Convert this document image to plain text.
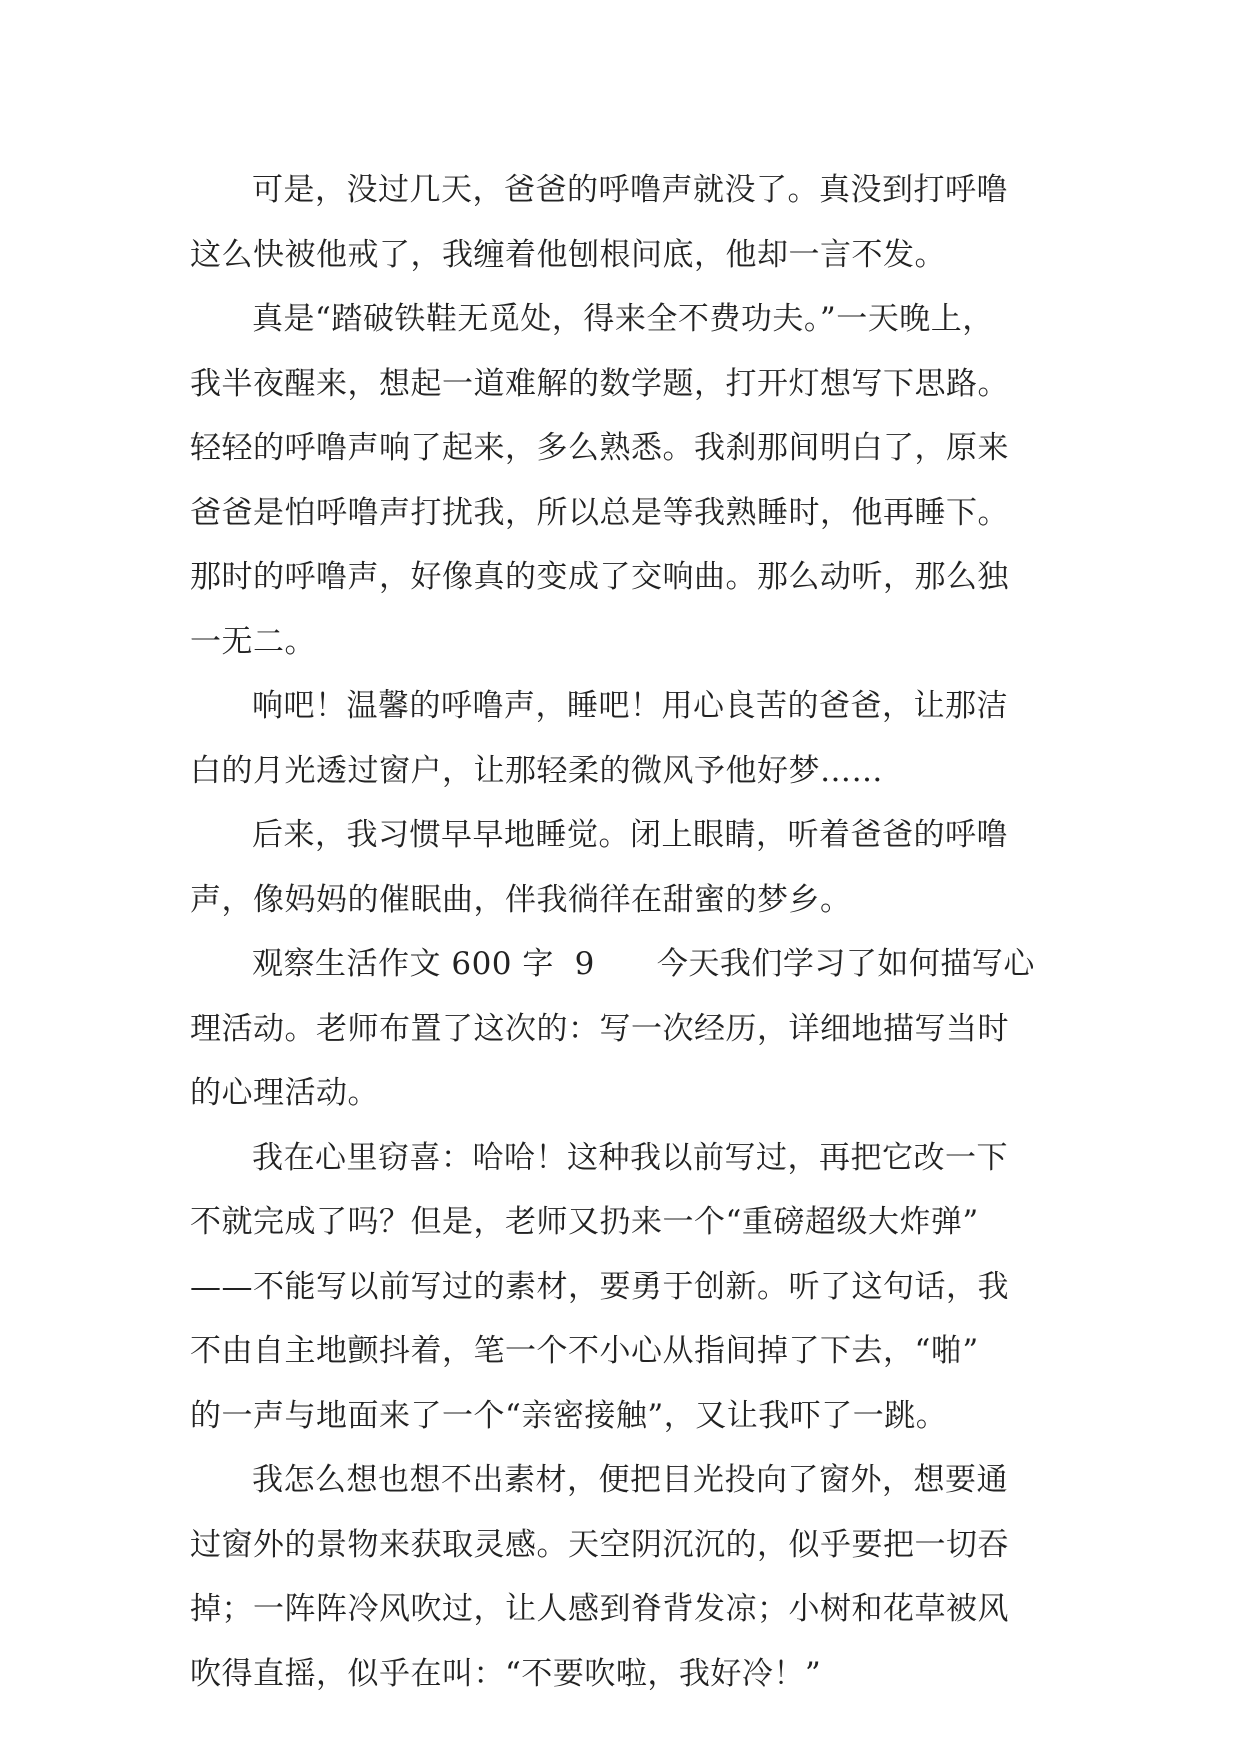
可是，没过几天，爸爸的呼噜声就没了。真没到打呼噜
这么快被他戒了，我缠着他刨根问底，他却一言不发。
真是“踏破铁鞋无觅处，得来全不费功夫。”一天晚上，
我半夜醒来，想起一道难解的数学题，打开灯想写下思路。
轻轻的呼噜声响了起来，多么熟悉。我刹那间明白了，原来
爸爸是怕呼噜声打扰我，所以总是等我熟睡时，他再睡下。
那时的呼噜声，好像真的变成了交响曲。那么动听，那么独
一无二。
响吧！温馨的呼噜声，睡吧！用心良苦的爸爸，让那洁
白的月光透过窗户，让那轻柔的微风予他好梦……
后来，我习惯早早地睡觉。闭上眼睛，听着爸爸的呼噜
声，像妈妈的催眠曲，伴我徜徉在甜蜜的梦乡。
观察生活作文 600 字  9      今天我们学习了如何描写心
理活动。老师布置了这次的：写一次经历，详细地描写当时
的心理活动。
我在心里窃喜：哈哈！这种我以前写过，再把它改一下
不就完成了吗？但是，老师又扔来一个“重磅超级大炸弹”
——不能写以前写过的素材，要勇于创新。听了这句话，我
不由自主地颤抖着，笔一个不小心从指间掉了下去，“啪”
的一声与地面来了一个“亲密接触”，又让我吓了一跳。
我怎么想也想不出素材，便把目光投向了窗外，想要通
过窗外的景物来获取灵感。天空阴沉沉的，似乎要把一切吞
掉；一阵阵冷风吹过，让人感到脊背发凉；小树和花草被风
吹得直摇，似乎在叫：“不要吹啦，我好冷！”
